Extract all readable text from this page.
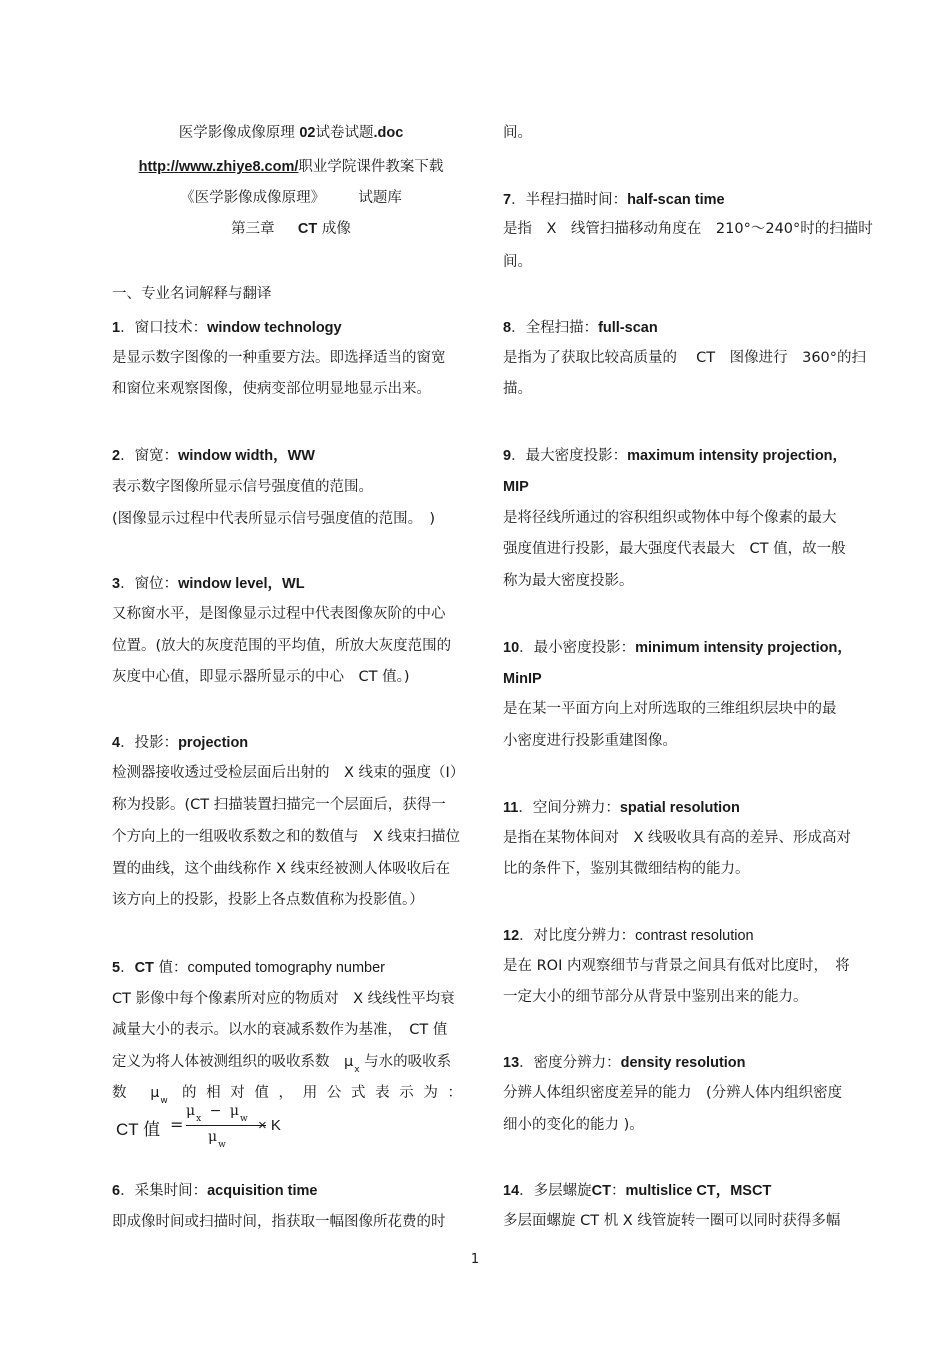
医学影像成像原理 02试卷试题.doc
http://www.zhiye8.com/职业学院课件教案下载
《医学影像成像原理》 试题库
第三章 CT 成像
一、专业名词解释与翻译
1．窗口技术：window technology
是显示数字图像的一种重要方法。即选择适当的窗宽
和窗位来观察图像，使病变部位明显地显示出来。
2．窗宽：window width，WW
表示数字图像所显示信号强度值的范围。
(图像显示过程中代表所显示信号强度值的范围。　)
3．窗位：window level，WL
又称窗水平，是图像显示过程中代表图像灰阶的中心
位置。(放大的灰度范围的平均值，所放大灰度范围的
灰度中心值，即显示器所显示的中心　CT 值。)
4．投影：projection
检测器接收透过受检层面后出射的　X 线束的强度（I）
称为投影。(CT 扫描装置扫描完一个层面后，获得一
个方向上的一组吸收系数之和的数值与　X 线束扫描位
置的曲线，这个曲线称作 X 线束经被测人体吸收后在
该方向上的投影，投影上各点数值称为投影值。）
5．CT 值：computed tomography number
CT 影像中每个像素所对应的物质对　X 线线性平均衰
减量大小的表示。以水的衰减系数作为基准，　CT 值
定义为将人体被测组织的吸收系数　$\mu_x$ 与水的吸收系
数 $\mu_w$ 的相对值，用公式表示为：
CT 值 =
$\mu_x - \mu_w$
$\mu_w$
× K
6．采集时间：acquisition time
即成像时间或扫描时间，指获取一幅图像所花费的时
间。
7．半程扫描时间：half-scan time
是指　X　线管扫描移动角度在　210°～240°时的扫描时
间。
8．全程扫描：full-scan
是指为了获取比较高质量的　 CT　图像进行　360°的扫
描。
9．最大密度投影：maximum intensity projection，
MIP
是将径线所通过的容积组织或物体中每个像素的最大
强度值进行投影，最大强度代表最大　CT 值，故一般
称为最大密度投影。
10．最小密度投影：minimum intensity projection，
MinIP
是在某一平面方向上对所选取的三维组织层块中的最
小密度进行投影重建图像。
11．空间分辨力：spatial resolution
是指在某物体间对　X 线吸收具有高的差异、形成高对
比的条件下，鉴别其微细结构的能力。
12．对比度分辨力：contrast resolution
是在 ROI 内观察细节与背景之间具有低对比度时，　将
一定大小的细节部分从背景中鉴别出来的能力。
13．密度分辨力：density resolution
分辨人体组织密度差异的能力　(分辨人体内组织密度
细小的变化的能力 )。
14．多层螺旋CT：multislice CT，MSCT
多层面螺旋 CT 机 X 线管旋转一圈可以同时获得多幅
1
